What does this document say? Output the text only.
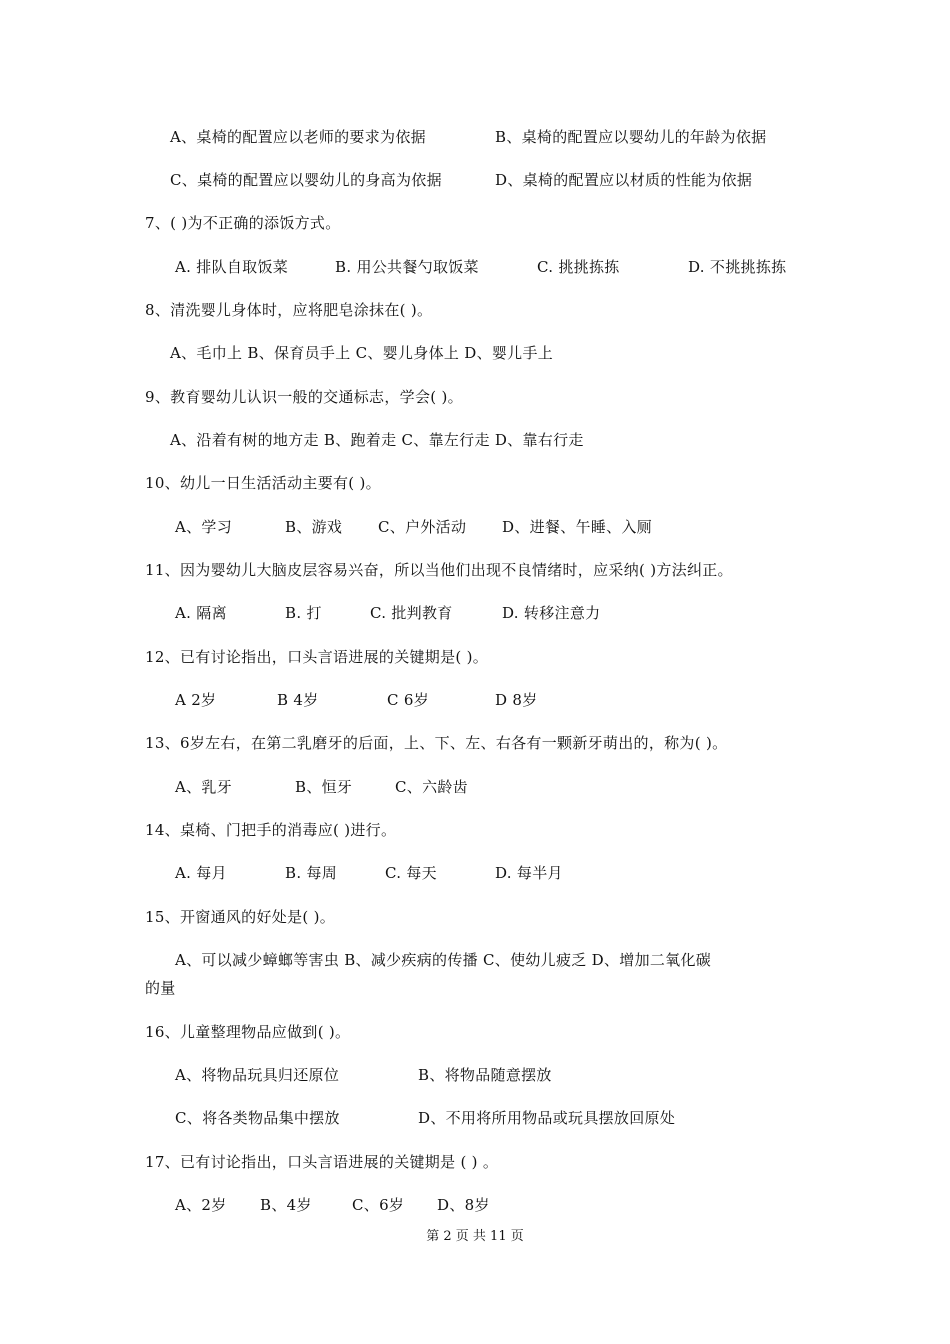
A、桌椅的配置应以老师的要求为依据	B、桌椅的配置应以婴幼儿的年龄为依据
C、桌椅的配置应以婴幼儿的身高为依据	D、桌椅的配置应以材质的性能为依据
7、( )为不正确的添饭方式。
A. 排队自取饭菜	B. 用公共餐勺取饭菜	C. 挑挑拣拣	D. 不挑挑拣拣
8、清洗婴儿身体时，应将肥皂涂抹在( )。
A、毛巾上 B、保育员手上 C、婴儿身体上 D、婴儿手上
9、教育婴幼儿认识一般的交通标志，学会( )。
A、沿着有树的地方走 B、跑着走 C、靠左行走 D、靠右行走
10、幼儿一日生活活动主要有( )。
A、学习	B、游戏 C、户外活动 D、进餐、午睡、入厕
11、因为婴幼儿大脑皮层容易兴奋，所以当他们出现不良情绪时，应采纳( )方法纠正。
A. 隔离	B. 打	C. 批判教育	D. 转移注意力
12、已有讨论指出，口头言语进展的关键期是( )。
A 2岁	B 4岁	C 6岁	D 8岁
13、6岁左右，在第二乳磨牙的后面，上、下、左、右各有一颗新牙萌出的，称为( )。
A、乳牙	B、恒牙	C、六龄齿
14、桌椅、门把手的消毒应( )进行。
A. 每月	B. 每周	C. 每天	D. 每半月
15、开窗通风的好处是( )。
A、可以减少蟑螂等害虫 B、减少疾病的传播 C、使幼儿疲乏 D、增加二氧化碳
的量
16、儿童整理物品应做到( )。
A、将物品玩具归还原位	B、将物品随意摆放
C、将各类物品集中摆放	D、不用将所用物品或玩具摆放回原处
17、已有讨论指出，口头言语进展的关键期是 ( ) 。
A、2岁 B、4岁	C、6岁 D、8岁
第 2 页 共 11 页
